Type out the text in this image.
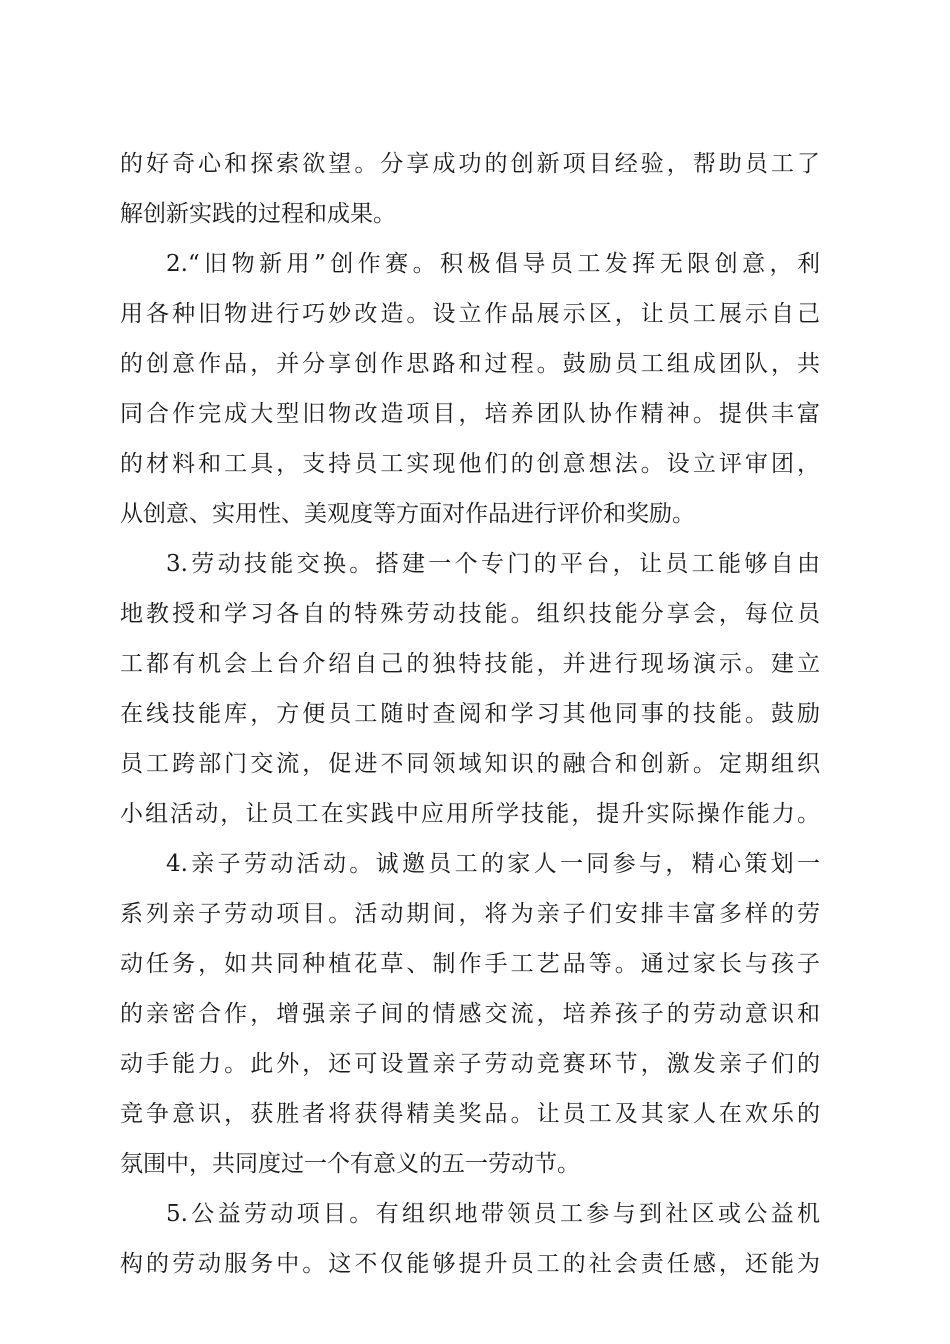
的好奇心和探索欲望。分享成功的创新项目经验，帮助员工了
解创新实践的过程和成果。
2.“旧物新用”创作赛。积极倡导员工发挥无限创意，利
用各种旧物进行巧妙改造。设立作品展示区，让员工展示自己
的创意作品，并分享创作思路和过程。鼓励员工组成团队，共
同合作完成大型旧物改造项目，培养团队协作精神。提供丰富
的材料和工具，支持员工实现他们的创意想法。设立评审团，
从创意、实用性、美观度等方面对作品进行评价和奖励。
3.劳动技能交换。搭建一个专门的平台，让员工能够自由
地教授和学习各自的特殊劳动技能。组织技能分享会，每位员
工都有机会上台介绍自己的独特技能，并进行现场演示。建立
在线技能库，方便员工随时查阅和学习其他同事的技能。鼓励
员工跨部门交流，促进不同领域知识的融合和创新。定期组织
小组活动，让员工在实践中应用所学技能，提升实际操作能力。
4.亲子劳动活动。诚邀员工的家人一同参与，精心策划一
系列亲子劳动项目。活动期间，将为亲子们安排丰富多样的劳
动任务，如共同种植花草、制作手工艺品等。通过家长与孩子
的亲密合作，增强亲子间的情感交流，培养孩子的劳动意识和
动手能力。此外，还可设置亲子劳动竞赛环节，激发亲子们的
竞争意识，获胜者将获得精美奖品。让员工及其家人在欢乐的
氛围中，共同度过一个有意义的五一劳动节。
5.公益劳动项目。有组织地带领员工参与到社区或公益机
构的劳动服务中。这不仅能够提升员工的社会责任感，还能为
